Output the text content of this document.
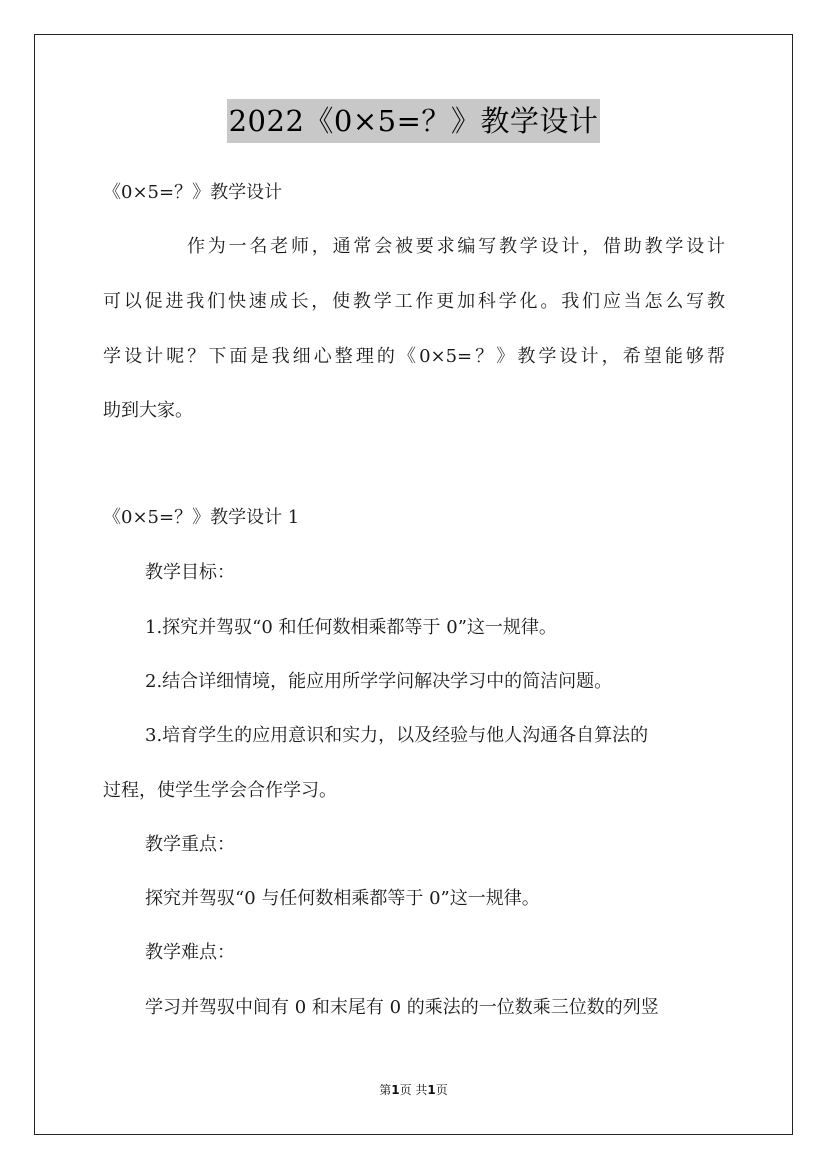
2022《0×5=？》教学设计
《0×5=？》教学设计
作为一名老师，通常会被要求编写教学设计，借助教学设计
可以促进我们快速成长，使教学工作更加科学化。我们应当怎么写教
学设计呢？下面是我细心整理的《0×5=？》教学设计，希望能够帮
助到大家。
《0×5=？》教学设计 1
教学目标：
1.探究并驾驭“0 和任何数相乘都等于 0”这一规律。
2.结合详细情境，能应用所学学问解决学习中的简洁问题。
3.培育学生的应用意识和实力，以及经验与他人沟通各自算法的
过程，使学生学会合作学习。
教学重点：
探究并驾驭“0 与任何数相乘都等于 0”这一规律。
教学难点：
学习并驾驭中间有 0 和末尾有 0 的乘法的一位数乘三位数的列竖
第1页 共1页
